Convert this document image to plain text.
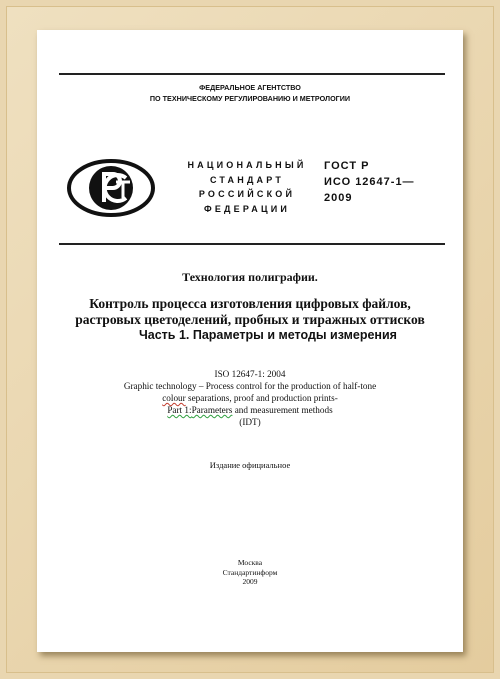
ФЕДЕРАЛЬНОЕ АГЕНТСТВО
ПО ТЕХНИЧЕСКОМУ РЕГУЛИРОВАНИЮ И МЕТРОЛОГИИ
НАЦИОНАЛЬНЫЙ
СТАНДАРТ
РОССИЙСКОЙ
ФЕДЕРАЦИИ
ГОСТ Р
ИСО 12647-1—
2009
Технология полиграфии.
Контроль процесса изготовления цифровых файлов,
растровых цветоделений, пробных и тиражных оттисков
Часть 1. Параметры и методы измерения
ISO 12647-1: 2004
Graphic technology – Process control for the production of half-tone
colour separations, proof and production prints-
Part 1:Parameters and measurement methods
(IDT)
Издание официальное
Москва
Стандартинформ
2009
